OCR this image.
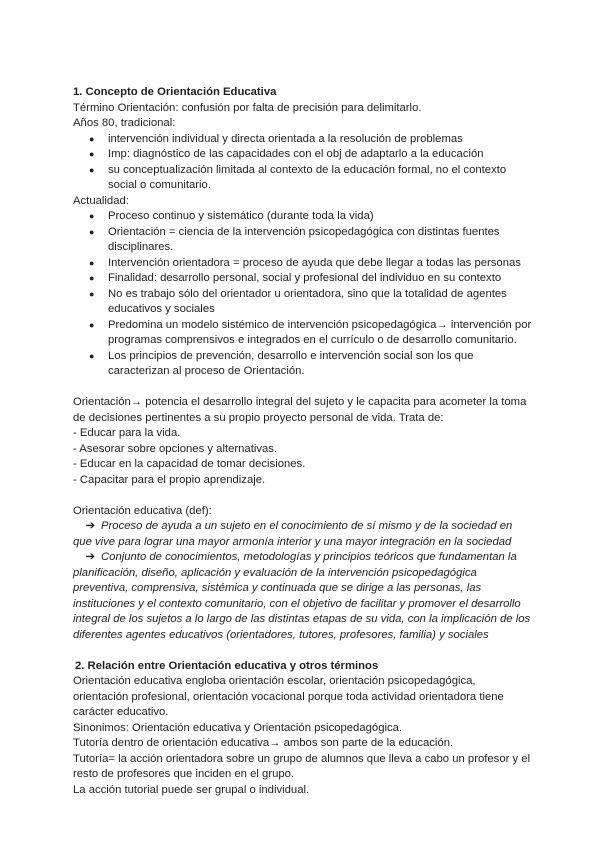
1. Concepto de Orientación Educativa

Término Orientación: confusión por falta de precisión para delimitarlo.

Años 80, tradicional:

● intervención individual y directa orientada a la resolución de problemas
● Imp: diagnóstico de las capacidades con el obj de adaptarlo a la educación
● su conceptualización limitada al contexto de la educación formal, no el contexto social o comunitario.

Actualidad:

● Proceso continuo y sistemático (durante toda la vida)
● Orientación = ciencia de la intervención psicopedagógica con distintas fuentes disciplinares.
● Intervención orientadora = proceso de ayuda que debe llegar a todas las personas
● Finalidad: desarrollo personal, social y profesional del individuo en su contexto
● No es trabajo sólo del orientador u orientadora, sino que la totalidad de agentes educativos y sociales
● Predomina un modelo sistémico de intervención psicopedagógica→ intervención por programas comprensivos e integrados en el currículo o de desarrollo comunitario.
● Los principios de prevención, desarrollo e intervención social son los que caracterizan al proceso de Orientación.

Orientación→ potencia el desarrollo integral del sujeto y le capacita para acometer la toma de decisiones pertinentes a su propio proyecto personal de vida. Trata de:

- Educar para la vida.

- Asesorar sobre opciones y alternativas.

- Educar en la capacidad de tomar decisiones.

- Capacitar para el propio aprendizaje.

Orientación educativa (def):

➔ Proceso de ayuda a un sujeto en el conocimiento de sí mismo y de la sociedad en que vive para lograr una mayor armonía interior y una mayor integración en la sociedad

➔ Conjunto de conocimientos, metodologías y principios teóricos que fundamentan la planificación, diseño, aplicación y evaluación de la intervención psicopedagógica preventiva, comprensiva, sistémica y continuada que se dirige a las personas, las instituciones y el contexto comunitario, con el objetivo de facilitar y promover el desarrollo integral de los sujetos a lo largo de las distintas etapas de su vida, con la implicación de los diferentes agentes educativos (orientadores, tutores, profesores, familia) y sociales

2. Relación entre Orientación educativa y otros términos

Orientación educativa engloba orientación escolar, orientación psicopedagógica, orientación profesional, orientación vocacional porque toda actividad orientadora tiene carácter educativo.

Sinonimos: Orientación educativa y Orientación psicopedagógica.

Tutoría dentro de orientación educativa→ ambos son parte de la educación.

Tutoría= la acción orientadora sobre un grupo de alumnos que lleva a cabo un profesor y el resto de profesores que inciden en el grupo.

La acción tutorial puede ser grupal o individual.
